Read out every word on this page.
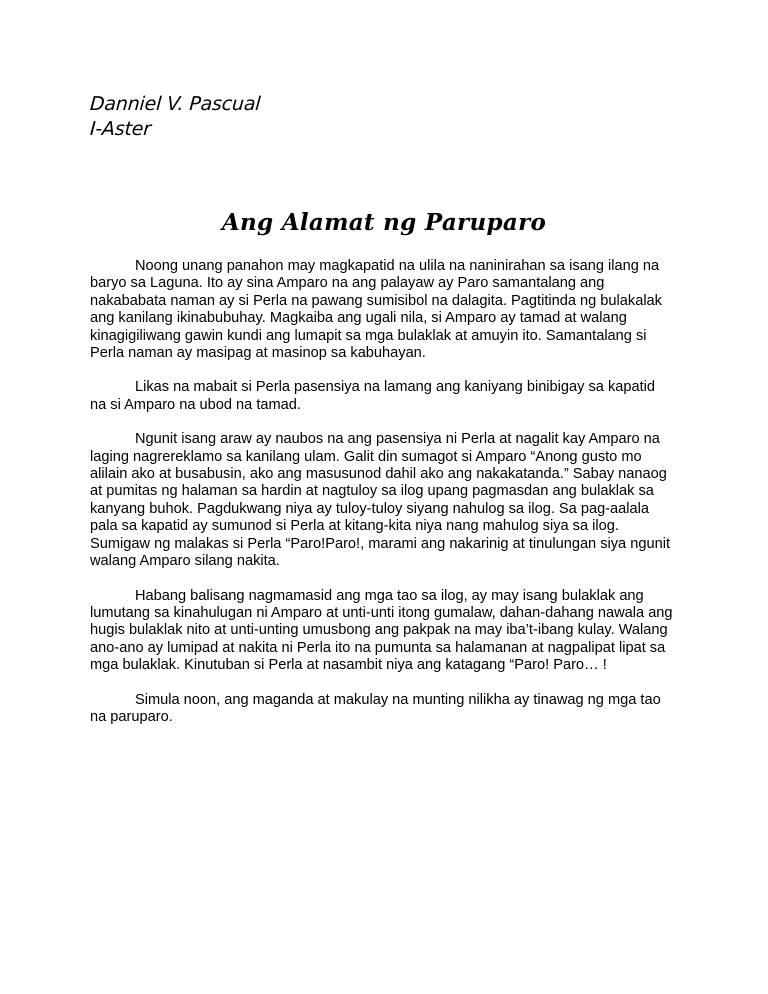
Danniel V. Pascual
I-Aster
Ang Alamat ng Paruparo

Noong unang panahon may magkapatid na ulila na naninirahan sa isang ilang na baryo sa Laguna. Ito ay sina Amparo na ang palayaw ay Paro samantalang ang nakababata naman ay si Perla na pawang sumisibol na dalagita. Pagtitinda ng bulakalak ang kanilang ikinabubuhay. Magkaiba ang ugali nila, si Amparo ay tamad at walang kinagigiliwang gawin kundi ang lumapit sa mga bulaklak at amuyin ito. Samantalang si Perla naman ay masipag at masinop sa kabuhayan.

Likas na mabait si Perla pasensiya na lamang ang kaniyang binibigay sa kapatid na si Amparo na ubod na tamad.

Ngunit isang araw ay naubos na ang pasensiya ni Perla at nagalit kay Amparo na laging nagrereklamo sa kanilang ulam. Galit din sumagot si Amparo “Anong gusto mo alilain ako at busabusin, ako ang masusunod dahil ako ang nakakatanda.” Sabay nanaog at pumitas ng halaman sa hardin at nagtuloy sa ilog upang pagmasdan ang bulaklak sa kanyang buhok. Pagdukwang niya ay tuloy-tuloy siyang nahulog sa ilog. Sa pag-aalala pala sa kapatid ay sumunod si Perla at kitang-kita niya nang mahulog siya sa ilog. Sumigaw ng malakas si Perla “Paro!Paro!, marami ang nakarinig at tinulungan siya ngunit walang Amparo silang nakita.

Habang balisang nagmamasid ang mga tao sa ilog, ay may isang bulaklak ang lumutang sa kinahulugan ni Amparo at unti-unti itong gumalaw, dahan-dahang nawala ang hugis bulaklak nito at unti-unting umusbong ang pakpak na may iba’t-ibang kulay. Walang ano-ano ay lumipad at nakita ni Perla ito na pumunta sa halamanan at nagpalipat lipat sa mga bulaklak. Kinutuban si Perla at nasambit niya ang katagang “Paro! Paro… !

Simula noon, ang maganda at makulay na munting nilikha ay tinawag ng mga tao na paruparo.
